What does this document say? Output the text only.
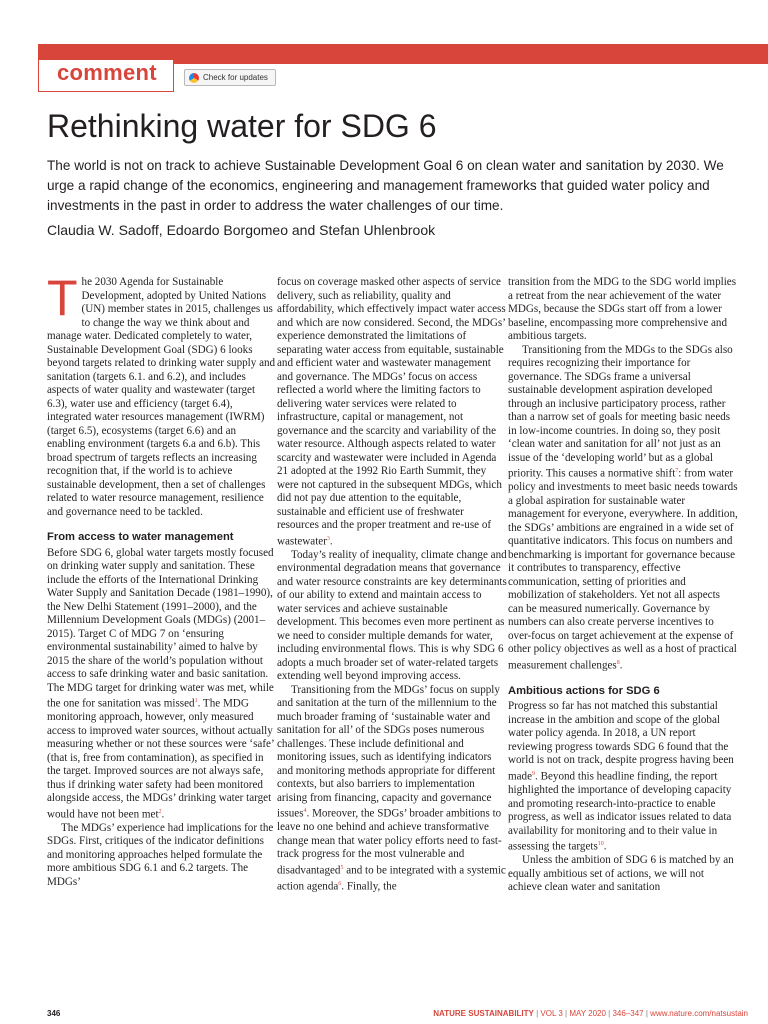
comment	Check for updates
Rethinking water for SDG 6

The world is not on track to achieve Sustainable Development Goal 6 on clean water and sanitation by 2030. We urge a rapid change of the economics, engineering and management frameworks that guided water policy and investments in the past in order to address the water challenges of our time.

Claudia W. Sadoff, Edoardo Borgomeo and Stefan Uhlenbrook

The 2030 Agenda for Sustainable Development, adopted by United Nations (UN) member states in 2015, challenges us to change the way we think about and manage water. Dedicated completely to water, Sustainable Development Goal (SDG) 6 looks beyond targets related to drinking water supply and sanitation (targets 6.1. and 6.2), and includes aspects of water quality and wastewater (target 6.3), water use and efficiency (target 6.4), integrated water resources management (IWRM) (target 6.5), ecosystems (target 6.6) and an enabling environment (targets 6.a and 6.b). This broad spectrum of targets reflects an increasing recognition that, if the world is to achieve sustainable development, then a set of challenges related to water resource management, resilience and governance need to be tackled.

From access to water management

Before SDG 6, global water targets mostly focused on drinking water supply and sanitation. These include the efforts of the International Drinking Water Supply and Sanitation Decade (1981–1990), the New Delhi Statement (1991–2000), and the Millennium Development Goals (MDGs) (2001–2015). Target C of MDG 7 on ‘ensuring environmental sustainability’ aimed to halve by 2015 the share of the world’s population without access to safe drinking water and basic sanitation. The MDG target for drinking water was met, while the one for sanitation was missed$^1$. The MDG monitoring approach, however, only measured access to improved water sources, without actually measuring whether or not these sources were ‘safe’ (that is, free from contamination), as specified in the target. Improved sources are not always safe, thus if drinking water safety had been monitored alongside access, the MDGs’ drinking water target would have not been met$^2$.

The MDGs’ experience had implications for the SDGs. First, critiques of the indicator definitions and monitoring approaches helped formulate the more ambitious SDG 6.1 and 6.2 targets. The MDGs’

focus on coverage masked other aspects of service delivery, such as reliability, quality and affordability, which effectively impact water access and which are now considered. Second, the MDGs’ experience demonstrated the limitations of separating water access from equitable, sustainable and efficient water and wastewater management and governance. The MDGs’ focus on access reflected a world where the limiting factors to delivering water services were related to infrastructure, capital or management, not governance and the scarcity and variability of the water resource. Although aspects related to water scarcity and wastewater were included in Agenda 21 adopted at the 1992 Rio Earth Summit, they were not captured in the subsequent MDGs, which did not pay due attention to the equitable, sustainable and efficient use of freshwater resources and the proper treatment and re-use of wastewater$^3$.

Today’s reality of inequality, climate change and environmental degradation means that governance and water resource constraints are key determinants of our ability to extend and maintain access to water services and achieve sustainable development. This becomes even more pertinent as we need to consider multiple demands for water, including environmental flows. This is why SDG 6 adopts a much broader set of water-related targets extending well beyond improving access.

Transitioning from the MDGs’ focus on supply and sanitation at the turn of the millennium to the much broader framing of ‘sustainable water and sanitation for all’ of the SDGs poses numerous challenges. These include definitional and monitoring issues, such as identifying indicators and monitoring methods appropriate for different contexts, but also barriers to implementation arising from financing, capacity and governance issues$^4$. Moreover, the SDGs’ broader ambitions to leave no one behind and achieve transformative change mean that water policy efforts need to fast-track progress for the most vulnerable and disadvantaged$^5$ and to be integrated with a systemic action agenda$^6$. Finally, the

transition from the MDG to the SDG world implies a retreat from the near achievement of the water MDGs, because the SDGs start off from a lower baseline, encompassing more comprehensive and ambitious targets.

Transitioning from the MDGs to the SDGs also requires recognizing their importance for governance. The SDGs frame a universal sustainable development aspiration developed through an inclusive participatory process, rather than a narrow set of goals for meeting basic needs in low-income countries. In doing so, they posit ‘clean water and sanitation for all’ not just as an issue of the ‘developing world’ but as a global priority. This causes a normative shift$^7$: from water policy and investments to meet basic needs towards a global aspiration for sustainable water management for everyone, everywhere. In addition, the SDGs’ ambitions are engrained in a wide set of quantitative indicators. This focus on numbers and benchmarking is important for governance because it contributes to transparency, effective communication, setting of priorities and mobilization of stakeholders. Yet not all aspects can be measured numerically. Governance by numbers can also create perverse incentives to over-focus on target achievement at the expense of other policy objectives as well as a host of practical measurement challenges$^8$.

Ambitious actions for SDG 6

Progress so far has not matched this substantial increase in the ambition and scope of the global water policy agenda. In 2018, a UN report reviewing progress towards SDG 6 found that the world is not on track, despite progress having been made$^9$. Beyond this headline finding, the report highlighted the importance of developing capacity and promoting research-into-practice to enable progress, as well as indicator issues related to data availability for monitoring and to their value in assessing the targets$^{10}$.

Unless the ambition of SDG 6 is matched by an equally ambitious set of actions, we will not achieve clean water and sanitation

346	NATURE SUSTAINABILITY | VOL 3 | MAY 2020 | 346–347 | www.nature.com/natsustain
